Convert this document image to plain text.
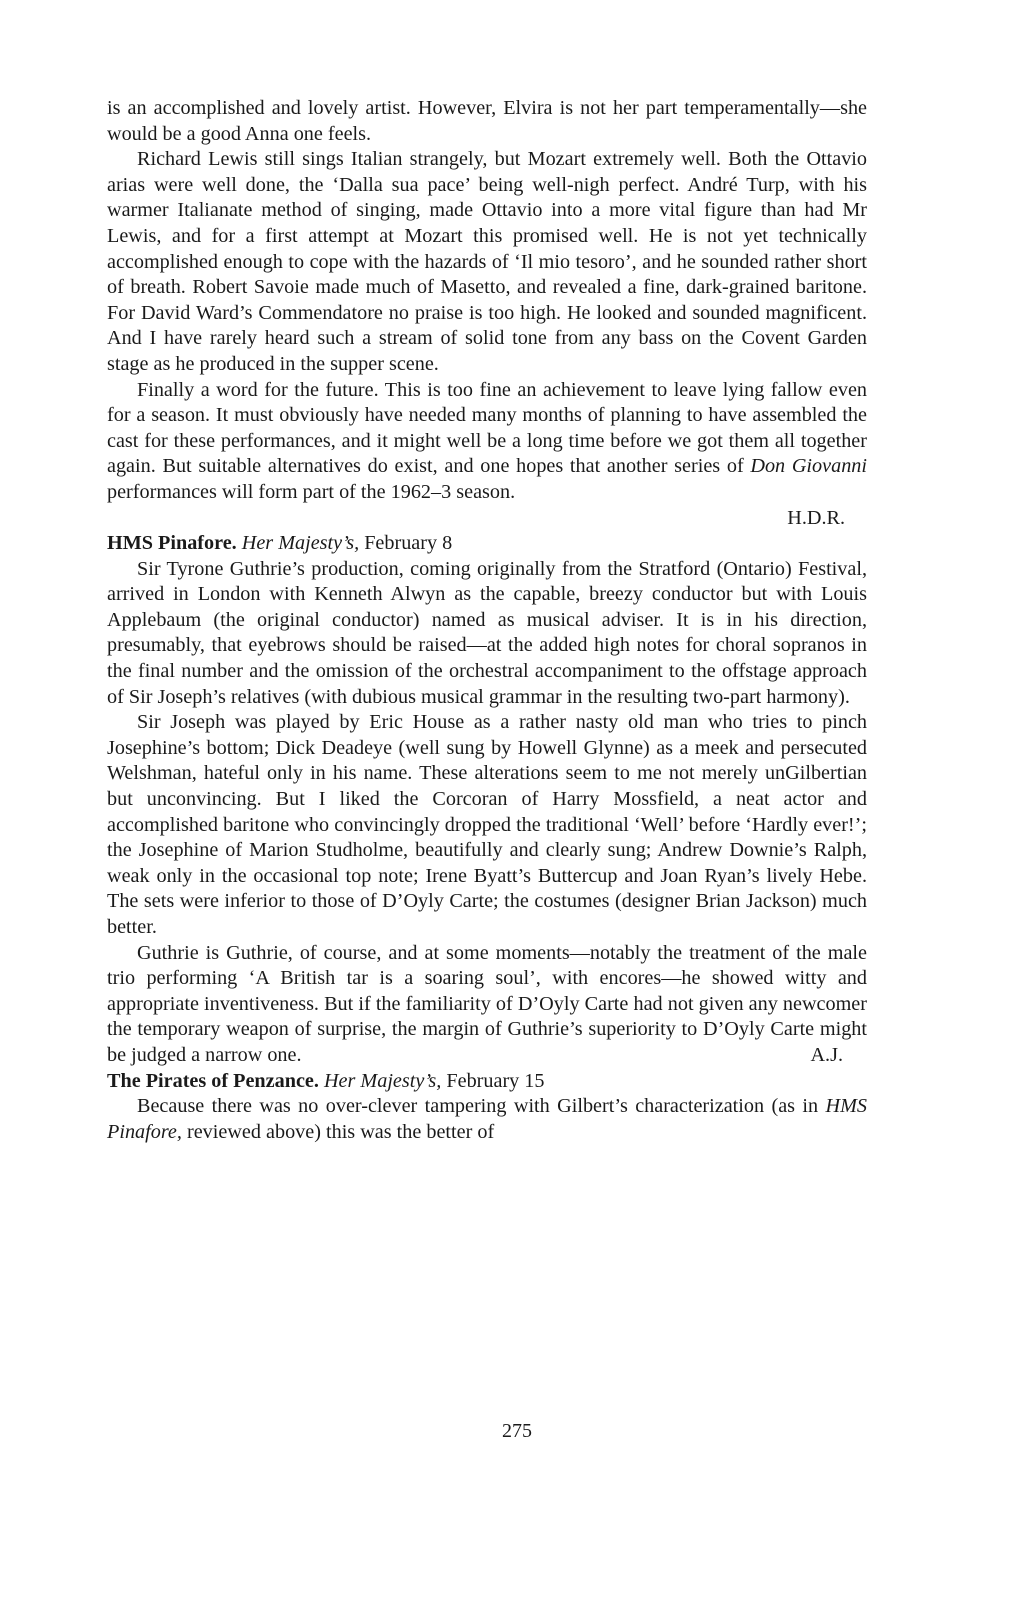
is an accomplished and lovely artist. However, Elvira is not her part temperamentally—she would be a good Anna one feels.

Richard Lewis still sings Italian strangely, but Mozart extremely well. Both the Ottavio arias were well done, the ‘Dalla sua pace’ being well-nigh perfect. André Turp, with his warmer Italianate method of singing, made Ottavio into a more vital figure than had Mr Lewis, and for a first attempt at Mozart this promised well. He is not yet technically accomplished enough to cope with the hazards of ‘Il mio tesoro’, and he sounded rather short of breath. Robert Savoie made much of Masetto, and revealed a fine, dark-grained baritone. For David Ward’s Commendatore no praise is too high. He looked and sounded magnificent. And I have rarely heard such a stream of solid tone from any bass on the Covent Garden stage as he produced in the supper scene.

Finally a word for the future. This is too fine an achievement to leave lying fallow even for a season. It must obviously have needed many months of planning to have assembled the cast for these performances, and it might well be a long time before we got them all together again. But suitable alternatives do exist, and one hopes that another series of Don Giovanni performances will form part of the 1962–3 season.

H.D.R.

HMS Pinafore. Her Majesty’s, February 8

Sir Tyrone Guthrie’s production, coming originally from the Stratford (Ontario) Festival, arrived in London with Kenneth Alwyn as the capable, breezy conductor but with Louis Applebaum (the original conductor) named as musical adviser. It is in his direction, presumably, that eyebrows should be raised—at the added high notes for choral sopranos in the final number and the omission of the orchestral accompaniment to the offstage approach of Sir Joseph’s relatives (with dubious musical grammar in the resulting two-part harmony).

Sir Joseph was played by Eric House as a rather nasty old man who tries to pinch Josephine’s bottom; Dick Deadeye (well sung by Howell Glynne) as a meek and persecuted Welshman, hateful only in his name. These alterations seem to me not merely unGilbertian but unconvincing. But I liked the Corcoran of Harry Mossfield, a neat actor and accomplished baritone who convincingly dropped the traditional ‘Well’ before ‘Hardly ever!’; the Josephine of Marion Studholme, beautifully and clearly sung; Andrew Downie’s Ralph, weak only in the occasional top note; Irene Byatt’s Buttercup and Joan Ryan’s lively Hebe. The sets were inferior to those of D’Oyly Carte; the costumes (designer Brian Jackson) much better.

Guthrie is Guthrie, of course, and at some moments—notably the treatment of the male trio performing ‘A British tar is a soaring soul’, with encores—he showed witty and appropriate inventiveness. But if the familiarity of D’Oyly Carte had not given any newcomer the temporary weapon of surprise, the margin of Guthrie’s superiority to D’Oyly Carte might be judged a narrow one.	A.J.

The Pirates of Penzance. Her Majesty’s, February 15

Because there was no over-clever tampering with Gilbert’s characterization (as in HMS Pinafore, reviewed above) this was the better of

275
